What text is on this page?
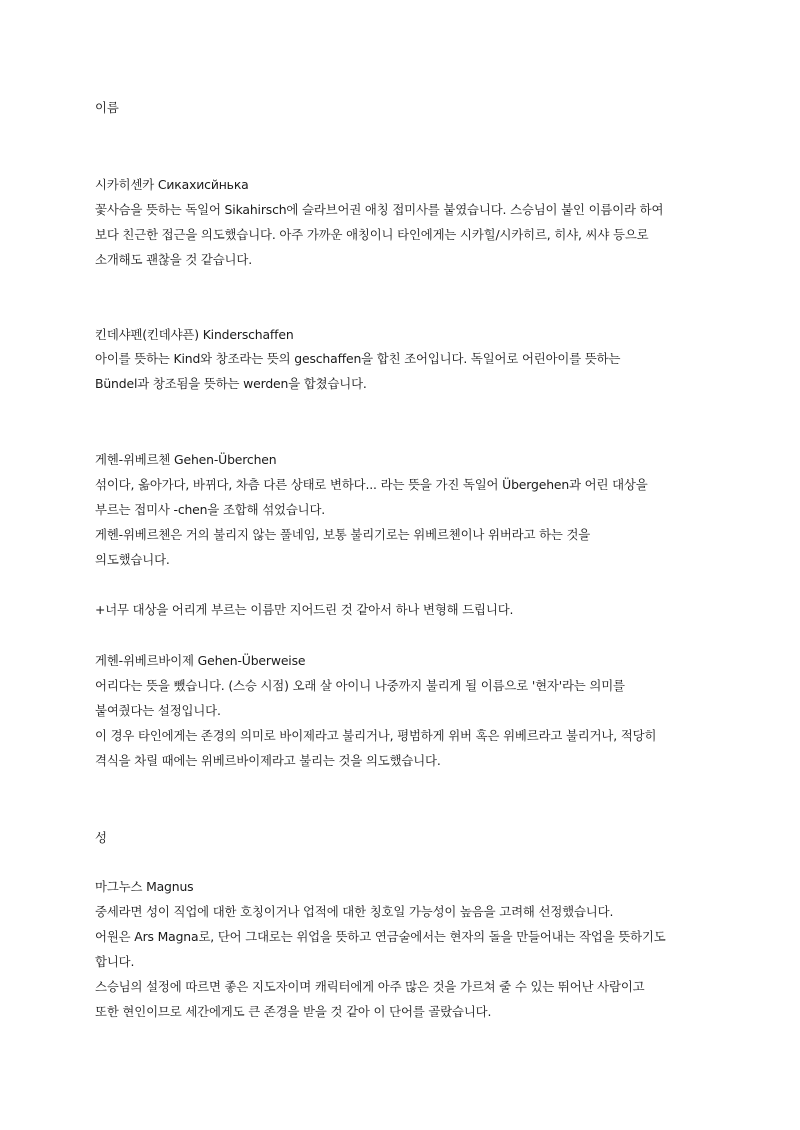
이름
시카히센카 Сикахисйнька
꽃사슴을 뜻하는 독일어 Sikahirsch에 슬라브어권 애칭 접미사를 붙였습니다. 스승님이 붙인 이름이라 하여
보다 친근한 접근을 의도했습니다. 아주 가까운 애칭이니 타인에게는 시카힐/시카히르, 히샤, 씨샤 등으로
소개해도 괜찮을 것 같습니다.
킨데샤펜(킨데샤픈) Kinderschaffen
아이를 뜻하는 Kind와 창조라는 뜻의 geschaffen을 합친 조어입니다. 독일어로 어린아이를 뜻하는
Bündel과 창조됨을 뜻하는 werden을 합쳤습니다.
게헨-위베르첸 Gehen-Überchen
섞이다, 옮아가다, 바뀌다, 차츰 다른 상태로 변하다... 라는 뜻을 가진 독일어 Übergehen과 어린 대상을
부르는 접미사 -chen을 조합해 섞었습니다.
게헨-위베르첸은 거의 불리지 않는 풀네임, 보통 불리기로는 위베르첸이나 위버라고 하는 것을
의도했습니다.
+너무 대상을 어리게 부르는 이름만 지어드린 것 같아서 하나 변형해 드립니다.
게헨-위베르바이제 Gehen-Überweise
어리다는 뜻을 뺐습니다. (스승 시점) 오래 살 아이니 나중까지 불리게 될 이름으로 '현자'라는 의미를
붙여줬다는 설정입니다.
이 경우 타인에게는 존경의 의미로 바이제라고 불리거나, 평범하게 위버 혹은 위베르라고 불리거나, 적당히
격식을 차릴 때에는 위베르바이제라고 불리는 것을 의도했습니다.
성
마그누스 Magnus
중세라면 성이 직업에 대한 호칭이거나 업적에 대한 칭호일 가능성이 높음을 고려해 선정했습니다.
어원은 Ars Magna로, 단어 그대로는 위업을 뜻하고 연금술에서는 현자의 돌을 만들어내는 작업을 뜻하기도
합니다.
스승님의 설정에 따르면 좋은 지도자이며 캐릭터에게 아주 많은 것을 가르쳐 줄 수 있는 뛰어난 사람이고
또한 현인이므로 세간에게도 큰 존경을 받을 것 같아 이 단어를 골랐습니다.
